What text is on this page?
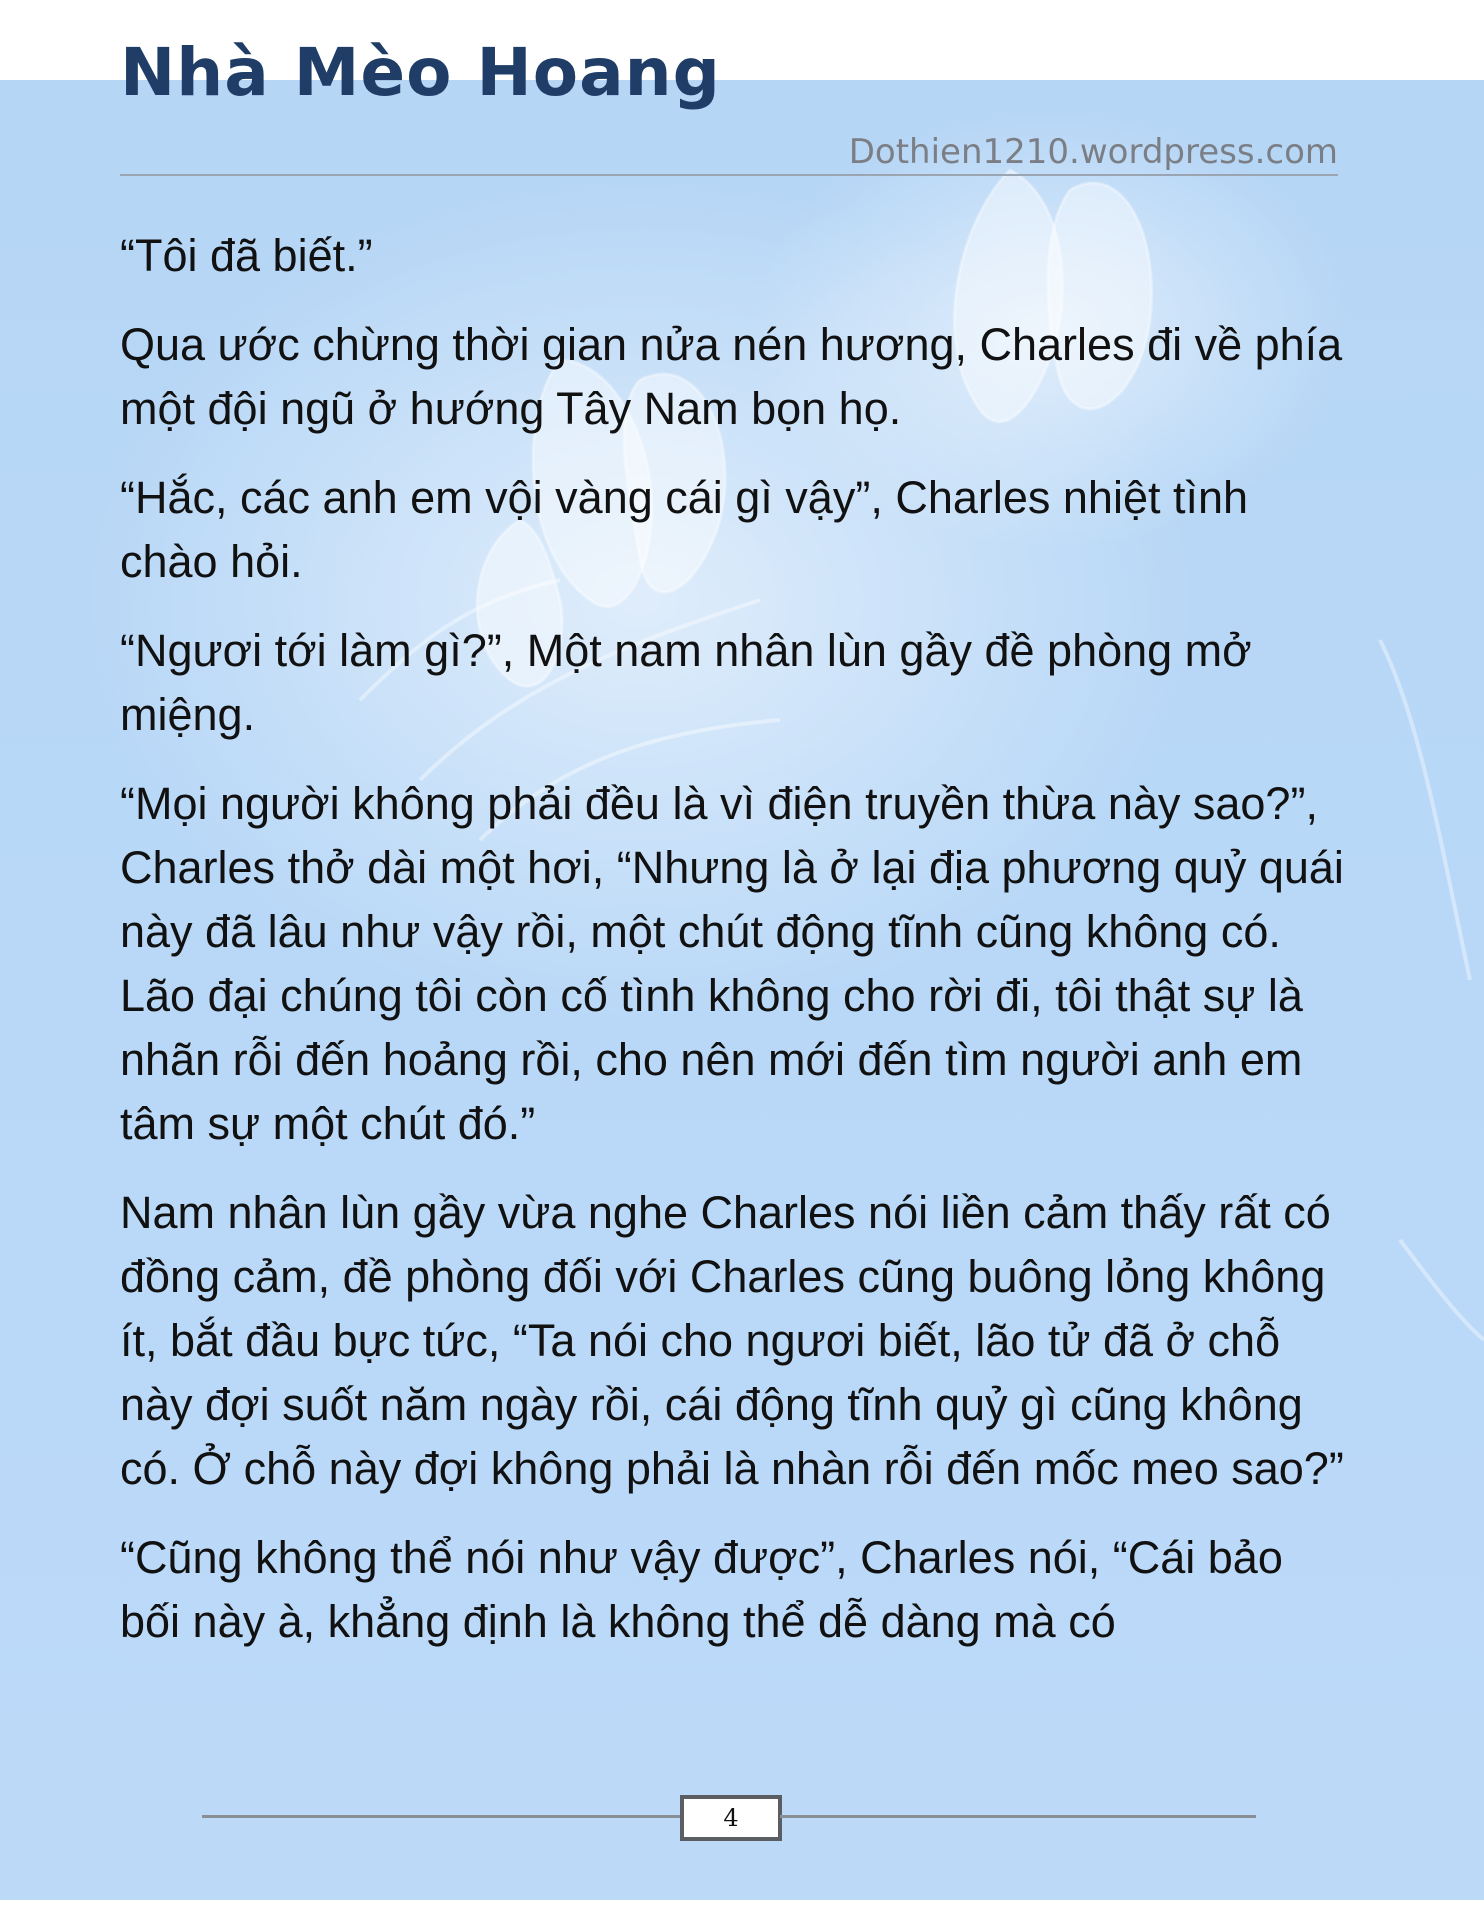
Nhà Mèo Hoang
Dothien1210.wordpress.com

“Tôi đã biết.”

Qua ước chừng thời gian nửa nén hương, Charles đi về phía một đội ngũ ở hướng Tây Nam bọn họ.

“Hắc, các anh em vội vàng cái gì vậy”, Charles nhiệt tình chào hỏi.

“Ngươi tới làm gì?”, Một nam nhân lùn gầy đề phòng mở miệng.

“Mọi người không phải đều là vì điện truyền thừa này sao?”, Charles thở dài một hơi, “Nhưng là ở lại địa phương quỷ quái này đã lâu như vậy rồi, một chút động tĩnh cũng không có. Lão đại chúng tôi còn cố tình không cho rời đi, tôi thật sự là nhãn rỗi đến hoảng rồi, cho nên mới đến tìm người anh em tâm sự một chút đó.”

Nam nhân lùn gầy vừa nghe Charles nói liền cảm thấy rất có đồng cảm, đề phòng đối với Charles cũng buông lỏng không ít, bắt đầu bực tức, “Ta nói cho ngươi biết, lão tử đã ở chỗ này đợi suốt năm ngày rồi, cái động tĩnh quỷ gì cũng không có. Ở chỗ này đợi không phải là nhàn rỗi đến mốc meo sao?”

“Cũng không thể nói như vậy được”, Charles nói, “Cái bảo bối này à, khẳng định là không thể dễ dàng mà có

4
